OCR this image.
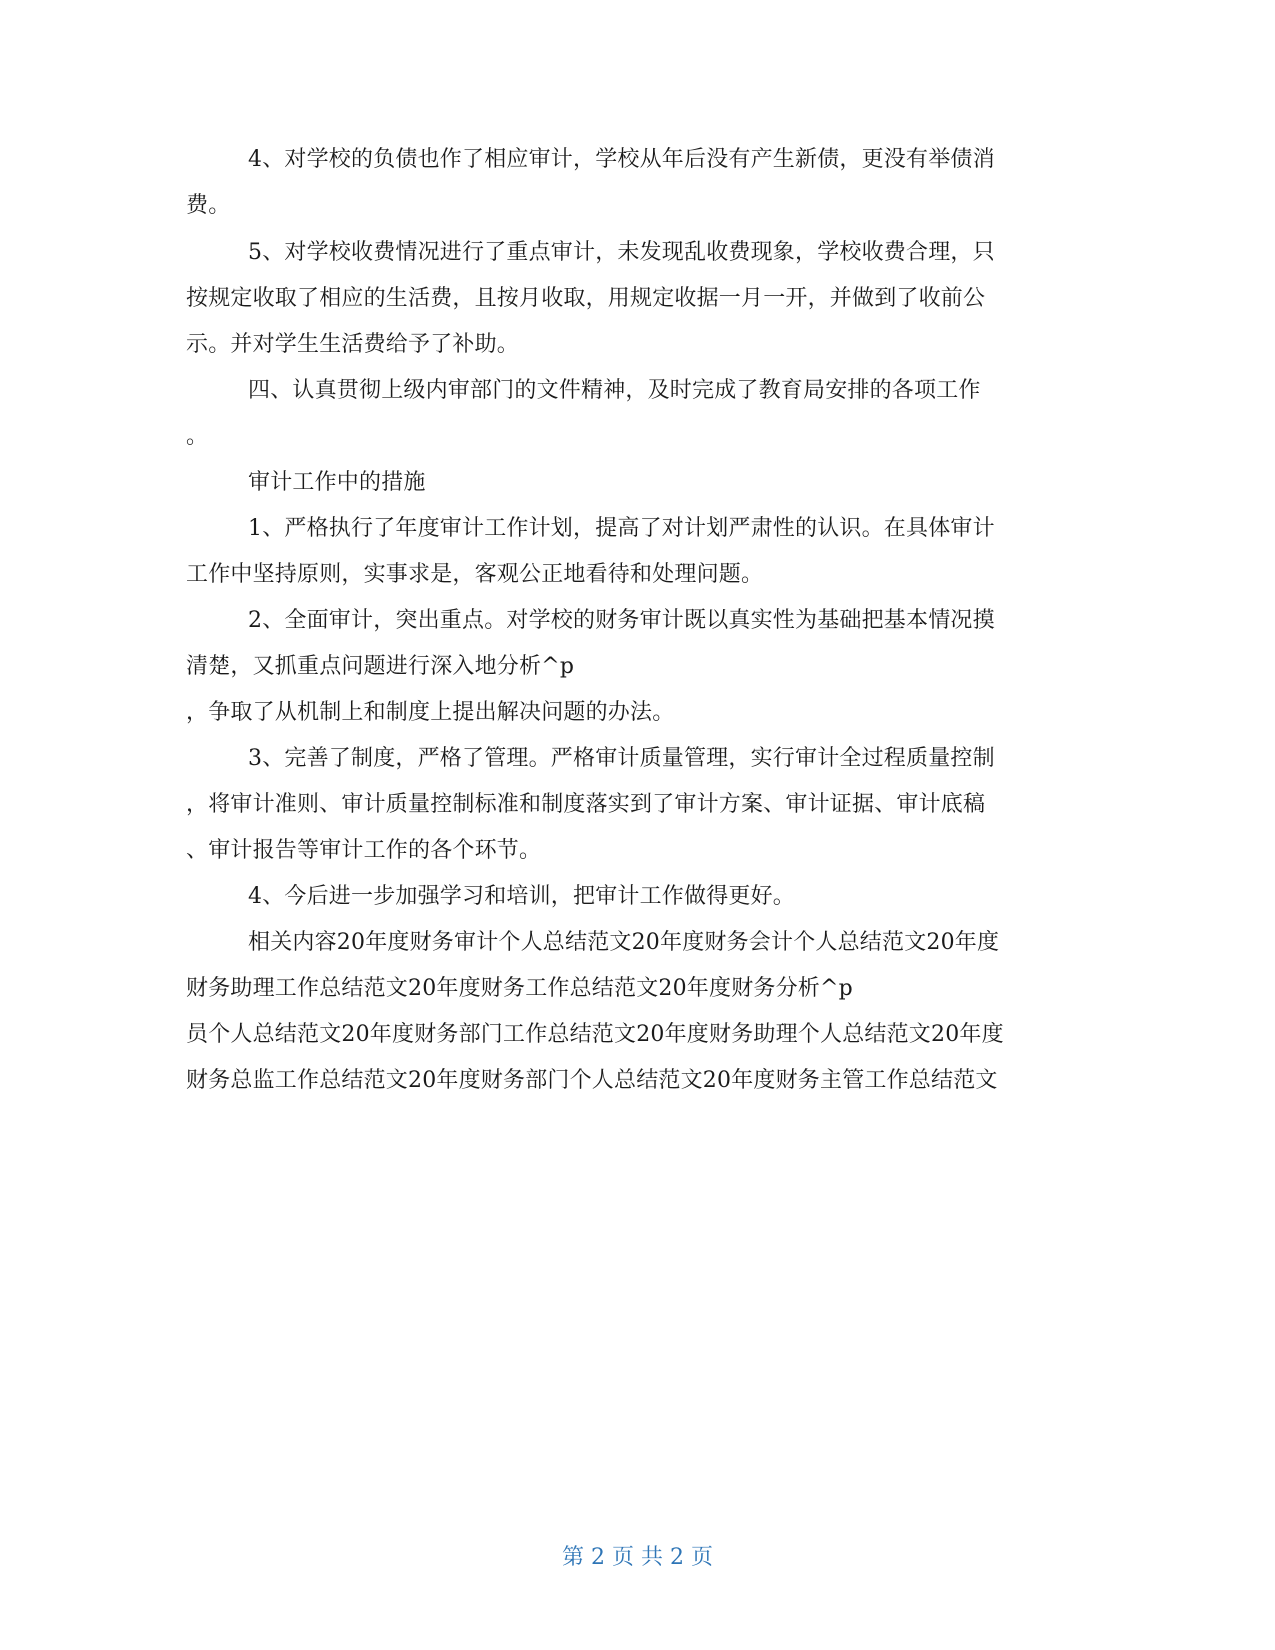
4、对学校的负债也作了相应审计，学校从年后没有产生新债，更没有举债消
费。
5、对学校收费情况进行了重点审计，未发现乱收费现象，学校收费合理，只
按规定收取了相应的生活费，且按月收取，用规定收据一月一开，并做到了收前公
示。并对学生生活费给予了补助。
四、认真贯彻上级内审部门的文件精神，及时完成了教育局安排的各项工作
。
审计工作中的措施
1、严格执行了年度审计工作计划，提高了对计划严肃性的认识。在具体审计
工作中坚持原则，实事求是，客观公正地看待和处理问题。
2、全面审计，突出重点。对学校的财务审计既以真实性为基础把基本情况摸
清楚，又抓重点问题进行深入地分析^p
，争取了从机制上和制度上提出解决问题的办法。
3、完善了制度，严格了管理。严格审计质量管理，实行审计全过程质量控制
，将审计准则、审计质量控制标准和制度落实到了审计方案、审计证据、审计底稿
、审计报告等审计工作的各个环节。
4、今后进一步加强学习和培训，把审计工作做得更好。
相关内容20年度财务审计个人总结范文20年度财务会计个人总结范文20年度
财务助理工作总结范文20年度财务工作总结范文20年度财务分析^p
员个人总结范文20年度财务部门工作总结范文20年度财务助理个人总结范文20年度
财务总监工作总结范文20年度财务部门个人总结范文20年度财务主管工作总结范文
第 2 页 共 2 页
